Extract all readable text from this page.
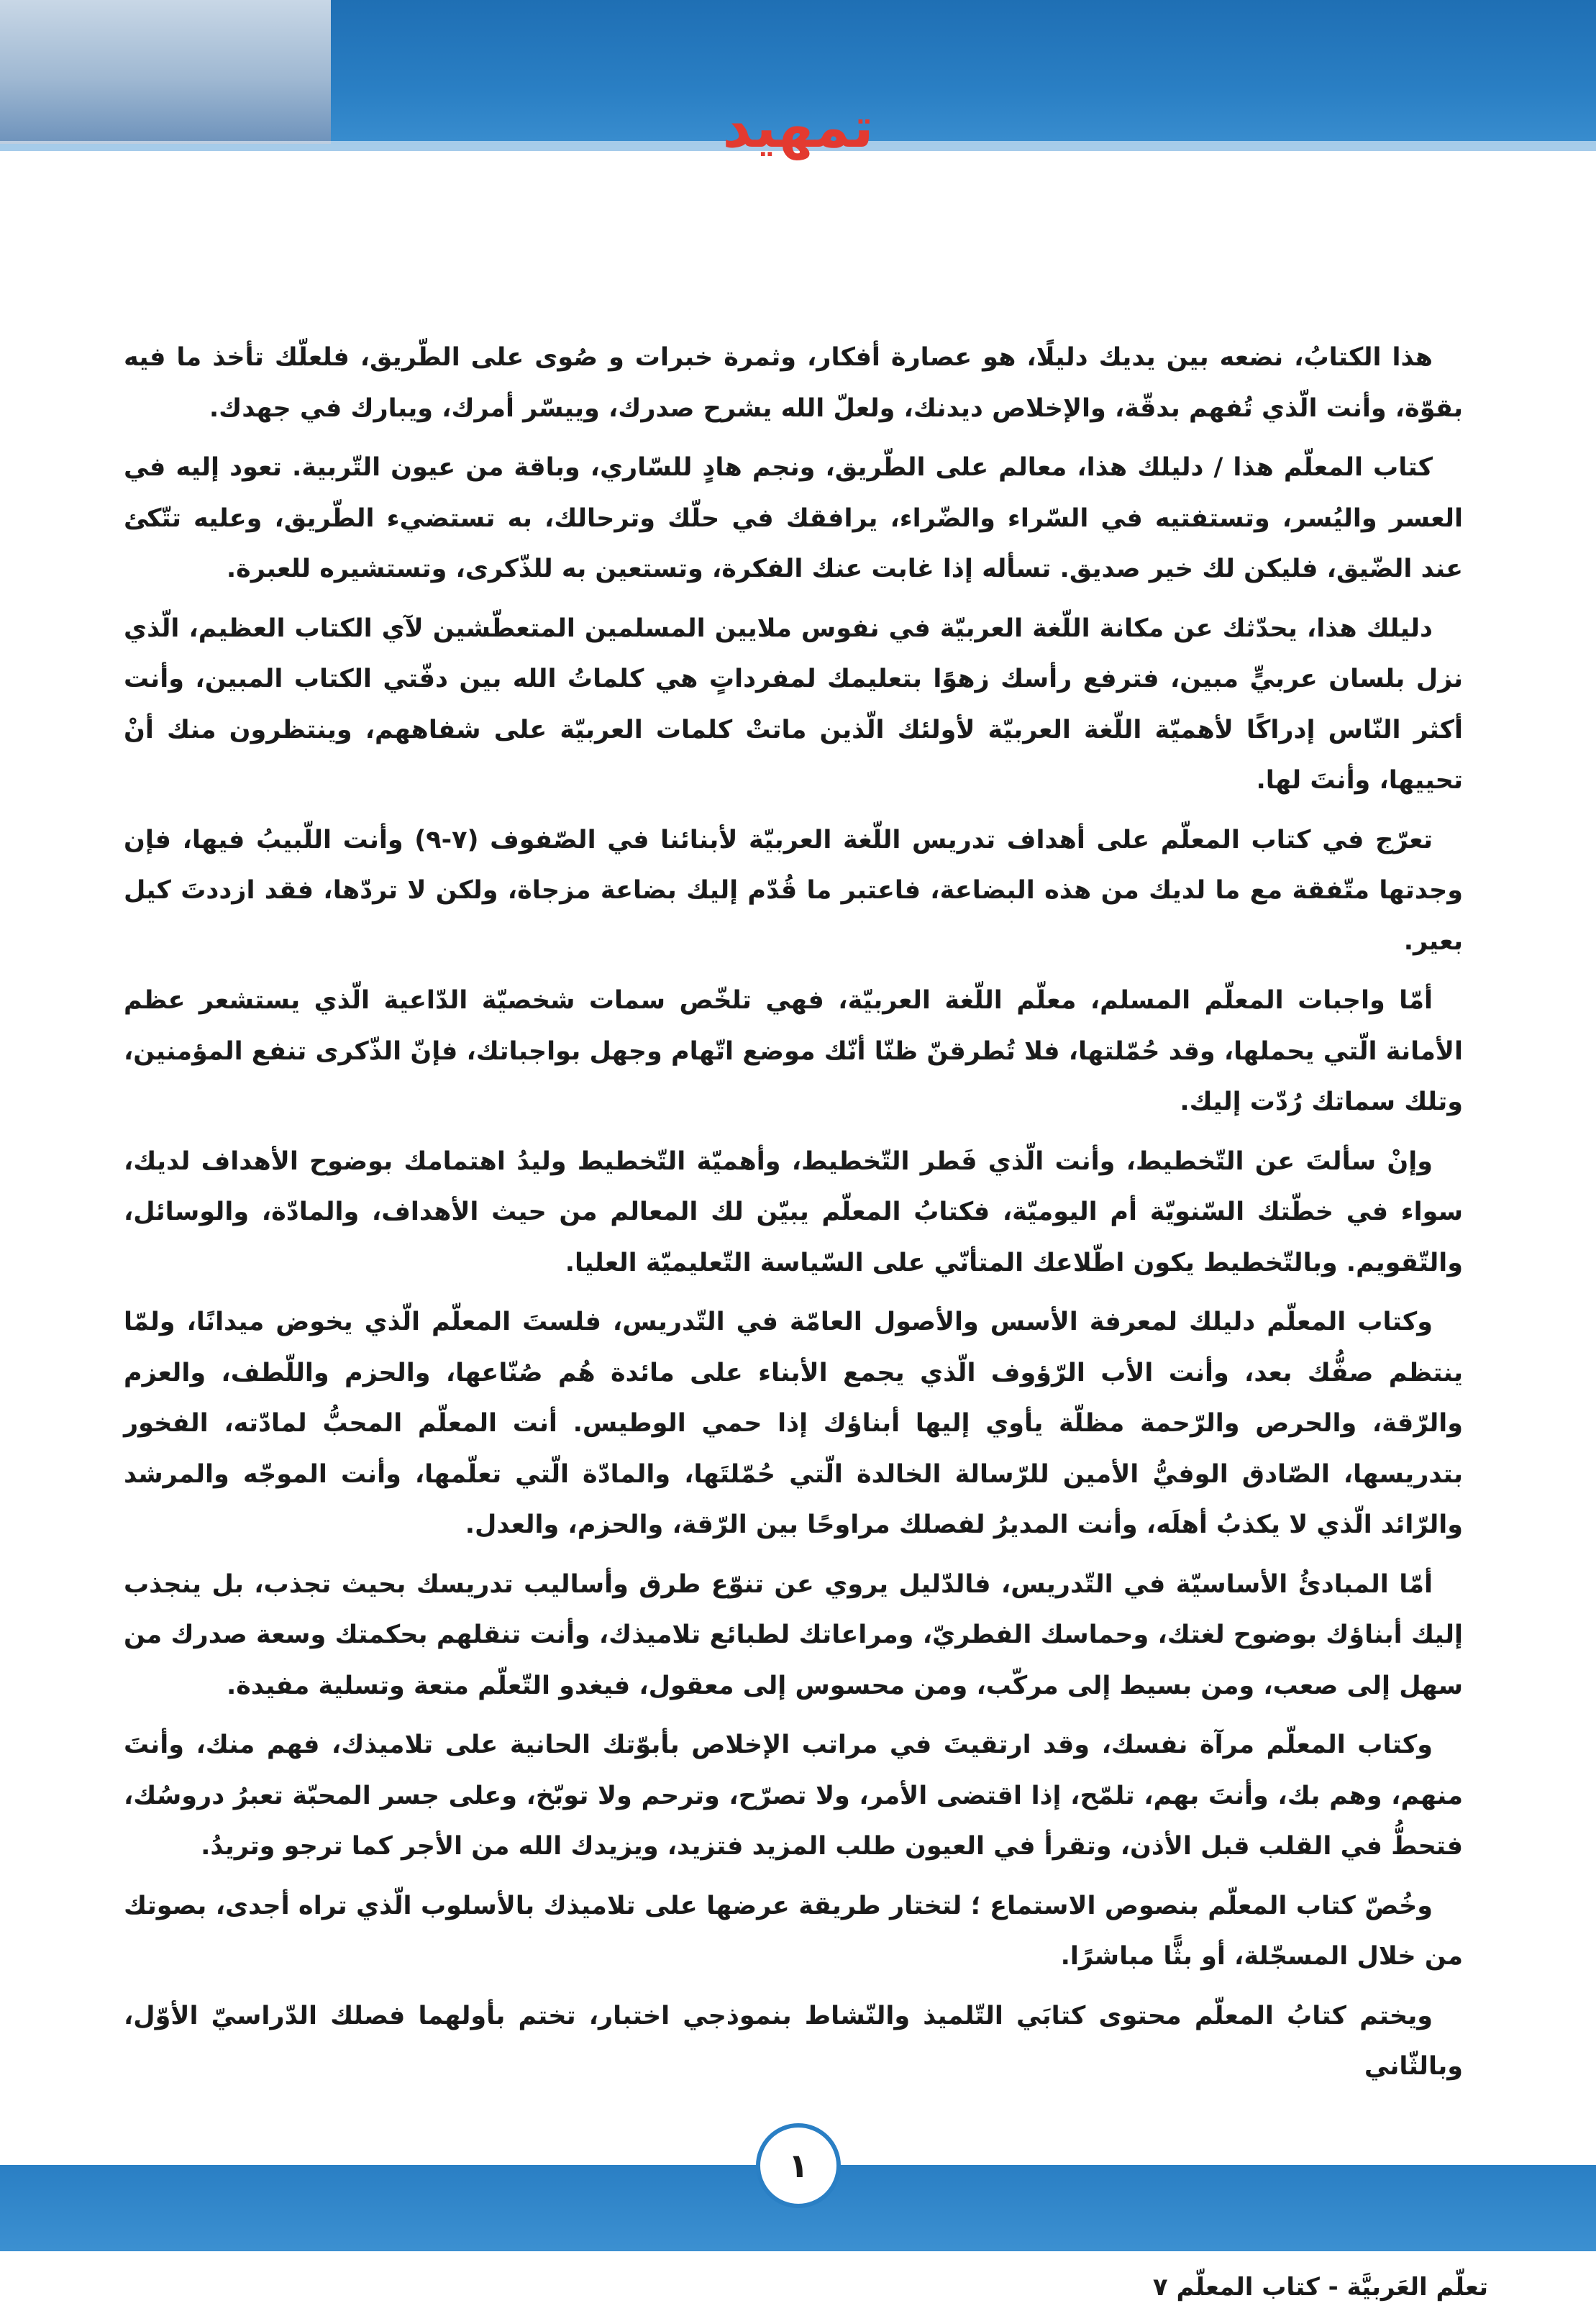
تمهيد

هذا الكتابُ، نضعه بين يديك دليلًا، هو عصارة أفكار، وثمرة خبرات و صُوى على الطّريق، فلعلّك تأخذ ما فيه بقوّة، وأنت الّذي تُفهم بدقّة، والإخلاص ديدنك، ولعلّ الله يشرح صدرك، وييسّر أمرك، ويبارك في جهدك.

كتاب المعلّم هذا / دليلك هذا، معالم على الطّريق، ونجم هادٍ للسّاري، وباقة من عيون التّربية. تعود إليه في العسر واليُسر، وتستفتيه في السّراء والضّراء، يرافقك في حلّك وترحالك، به تستضيء الطّريق، وعليه تتّكئ عند الضّيق، فليكن لك خير صديق. تسأله إذا غابت عنك الفكرة، وتستعين به للذّكرى، وتستشيره للعبرة.

دليلك هذا، يحدّثك عن مكانة اللّغة العربيّة في نفوس ملايين المسلمين المتعطّشين لآي الكتاب العظيم، الّذي نزل بلسان عربيٍّ مبين، فترفع رأسك زهوًا بتعليمك لمفرداتٍ هي كلماتُ الله بين دفّتي الكتاب المبين، وأنت أكثر النّاس إدراكًا لأهميّة اللّغة العربيّة لأولئك الّذين ماتتْ كلمات العربيّة على شفاههم، وينتظرون منك أنْ تحييها، وأنتَ لها.

تعرّج في كتاب المعلّم على أهداف تدريس اللّغة العربيّة لأبنائنا في الصّفوف (٧-٩) وأنت اللّبيبُ فيها، فإن وجدتها متّفقة مع ما لديك من هذه البضاعة، فاعتبر ما قُدّم إليك بضاعة مزجاة، ولكن لا تردّها، فقد ازددتَ كيل بعير.

أمّا واجبات المعلّم المسلم، معلّم اللّغة العربيّة، فهي تلخّص سمات شخصيّة الدّاعية الّذي يستشعر عظم الأمانة الّتي يحملها، وقد حُمّلتها، فلا تُطرقنّ ظنّا أنّك موضع اتّهام وجهل بواجباتك، فإنّ الذّكرى تنفع المؤمنين، وتلك سماتك رُدّت إليك.

وإنْ سألتَ عن التّخطيط، وأنت الّذي فَطر التّخطيط، وأهميّة التّخطيط وليدُ اهتمامك بوضوح الأهداف لديك، سواء في خطّتك السّنويّة أم اليوميّة، فكتابُ المعلّم يبيّن لك المعالم من حيث الأهداف، والمادّة، والوسائل، والتّقويم. وبالتّخطيط يكون اطّلاعك المتأنّي على السّياسة التّعليميّة العليا.

وكتاب المعلّم دليلك لمعرفة الأسس والأصول العامّة في التّدريس، فلستَ المعلّم الّذي يخوض ميدانًا، ولمّا ينتظم صفُّك بعد، وأنت الأب الرّؤوف الّذي يجمع الأبناء على مائدة هُم صُنّاعها، والحزم واللّطف، والعزم والرّقة، والحرص والرّحمة مظلّة يأوي إليها أبناؤك إذا حمي الوطيس. أنت المعلّم المحبُّ لمادّته، الفخور بتدريسها، الصّادق الوفيُّ الأمين للرّسالة الخالدة الّتي حُمّلتَها، والمادّة الّتي تعلّمها، وأنت الموجّه والمرشد والرّائد الّذي لا يكذبُ أهلَه، وأنت المديرُ لفصلك مراوحًا بين الرّقة، والحزم، والعدل.

أمّا المبادئُ الأساسيّة في التّدريس، فالدّليل يروي عن تنوّع طرق وأساليب تدريسك بحيث تجذب، بل ينجذب إليك أبناؤك بوضوح لغتك، وحماسك الفطريّ، ومراعاتك لطبائع تلاميذك، وأنت تنقلهم بحكمتك وسعة صدرك من سهل إلى صعب، ومن بسيط إلى مركّب، ومن محسوس إلى معقول، فيغدو التّعلّم متعة وتسلية مفيدة.

وكتاب المعلّم مرآة نفسك، وقد ارتقيتَ في مراتب الإخلاص بأبوّتك الحانية على تلاميذك، فهم منك، وأنتَ منهم، وهم بك، وأنتَ بهم، تلمّح، إذا اقتضى الأمر، ولا تصرّح، وترحم ولا توبّخ، وعلى جسر المحبّة تعبرُ دروسُك، فتحطُّ في القلب قبل الأذن، وتقرأ في العيون طلب المزيد فتزيد، ويزيدك الله من الأجر كما ترجو وتريدُ.

وخُصّ كتاب المعلّم بنصوص الاستماع ؛ لتختار طريقة عرضها على تلاميذك بالأسلوب الّذي تراه أجدى، بصوتك من خلال المسجّلة، أو بثًّا مباشرًا.

ويختم كتابُ المعلّم محتوى كتابَي التّلميذ والنّشاط بنموذجي اختبار، تختم بأولهما فصلك الدّراسيّ الأوّل، وبالثّاني

١
تعلّم العَربيَّة - كتاب المعلّم ٧
